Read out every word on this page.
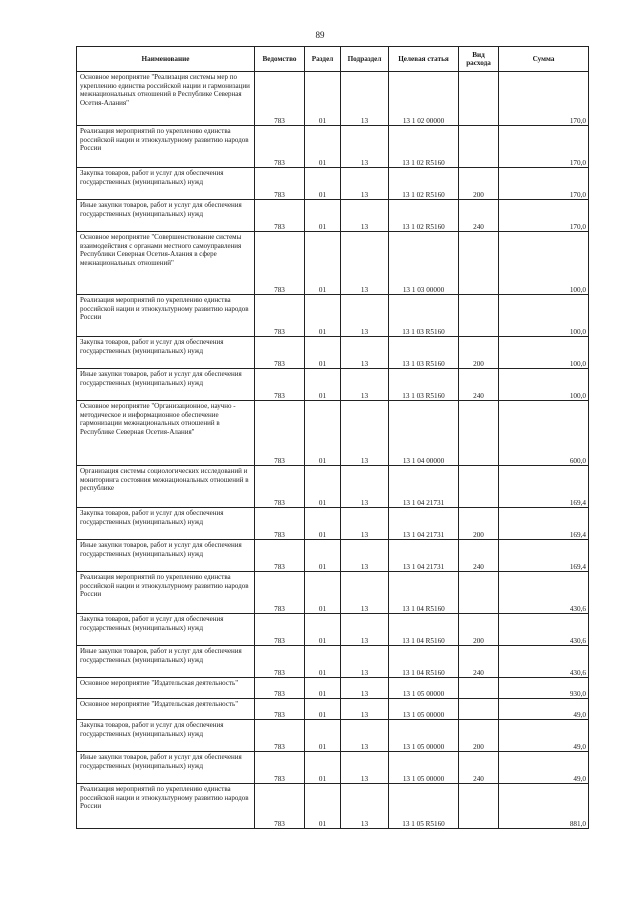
89
Наименование	Ведомство	Раздел	Подраздел	Целевая статья	Вид расхода	Сумма
Основное мероприятие "Реализация системы мер по укреплению единства российской нации и гармонизации межнациональных отношений в Республике Северная Осетия-Алания"	783	01	13	13 1 02 00000		170,0
Реализация мероприятий по укреплению единства российской нации и этнокультурному развитию народов России	783	01	13	13 1 02 R5160		170,0
Закупка товаров, работ и услуг для обеспечения государственных (муниципальных) нужд	783	01	13	13 1 02 R5160	200	170,0
Иные закупки товаров, работ и услуг для обеспечения государственных (муниципальных) нужд	783	01	13	13 1 02 R5160	240	170,0
Основное мероприятие "Совершенствование системы взаимодействия с органами местного самоуправления Республики Северная Осетия-Алания в сфере межнациональных отношений"	783	01	13	13 1 03 00000		100,0
Реализация мероприятий по укреплению единства российской нации и этнокультурному развитию народов России	783	01	13	13 1 03 R5160		100,0
Закупка товаров, работ и услуг для обеспечения государственных (муниципальных) нужд	783	01	13	13 1 03 R5160	200	100,0
Иные закупки товаров, работ и услуг для обеспечения государственных (муниципальных) нужд	783	01	13	13 1 03 R5160	240	100,0
Основное мероприятие "Организационное, научно - методическое и информационное обеспечение гармонизации межнациональных отношений в Республике Северная Осетия-Алания"	783	01	13	13 1 04 00000		600,0
Организация системы социологических исследований и мониторинга состояния межнациональных отношений в республике	783	01	13	13 1 04 21731		169,4
Закупка товаров, работ и услуг для обеспечения государственных (муниципальных) нужд	783	01	13	13 1 04 21731	200	169,4
Иные закупки товаров, работ и услуг для обеспечения государственных (муниципальных) нужд	783	01	13	13 1 04 21731	240	169,4
Реализация мероприятий по укреплению единства российской нации и этнокультурному развитию народов России	783	01	13	13 1 04 R5160		430,6
Закупка товаров, работ и услуг для обеспечения государственных (муниципальных) нужд	783	01	13	13 1 04 R5160	200	430,6
Иные закупки товаров, работ и услуг для обеспечения государственных (муниципальных) нужд	783	01	13	13 1 04 R5160	240	430,6
Основное мероприятие "Издательская деятельность"	783	01	13	13 1 05 00000		930,0
Основное мероприятие "Издательская деятельность"	783	01	13	13 1 05 00000		49,0
Закупка товаров, работ и услуг для обеспечения государственных (муниципальных) нужд	783	01	13	13 1 05 00000	200	49,0
Иные закупки товаров, работ и услуг для обеспечения государственных (муниципальных) нужд	783	01	13	13 1 05 00000	240	49,0
Реализация мероприятий по укреплению единства российской нации и этнокультурному развитию народов России	783	01	13	13 1 05 R5160		881,0
